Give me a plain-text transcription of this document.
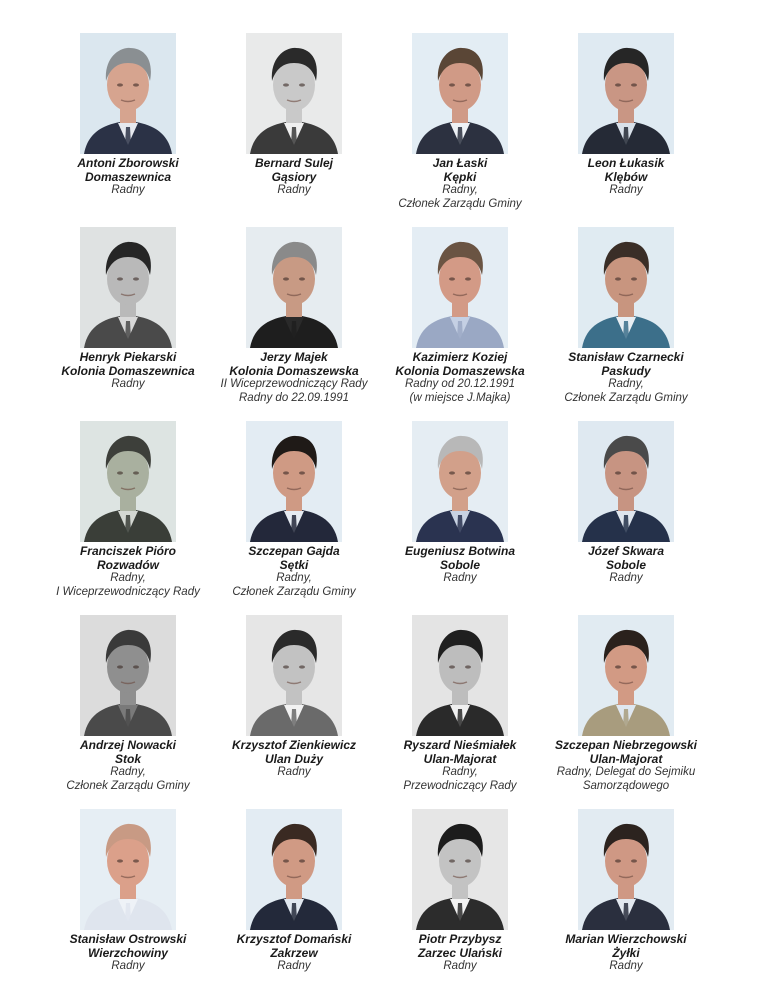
Antoni Zborowski
Domaszewnica
Radny
Bernard Sulej
Gąsiory
Radny
Jan Łaski
Kępki
Radny,
Członek Zarządu Gminy
Leon Łukasik
Klębów
Radny
Henryk Piekarski
Kolonia Domaszewnica
Radny
Jerzy Majek
Kolonia Domaszewska
II Wiceprzewodniczący Rady
Radny do 22.09.1991
Kazimierz Koziej
Kolonia Domaszewska
Radny od 20.12.1991
(w miejsce J.Majka)
Stanisław Czarnecki
Paskudy
Radny,
Członek Zarządu Gminy
Franciszek Pióro
Rozwadów
Radny,
I Wiceprzewodniczący Rady
Szczepan Gajda
Sętki
Radny,
Członek Zarządu Gminy
Eugeniusz Botwina
Sobole
Radny
Józef Skwara
Sobole
Radny
Andrzej Nowacki
Stok
Radny,
Członek Zarządu Gminy
Krzysztof Zienkiewicz
Ulan Duży
Radny
Ryszard Nieśmiałek
Ulan-Majorat
Radny,
Przewodniczący Rady
Szczepan Niebrzegowski
Ulan-Majorat
Radny, Delegat do Sejmiku
Samorządowego
Stanisław Ostrowski
Wierzchowiny
Radny
Krzysztof Domański
Zakrzew
Radny
Piotr Przybysz
Zarzec Ulański
Radny
Marian Wierzchowski
Żyłki
Radny
